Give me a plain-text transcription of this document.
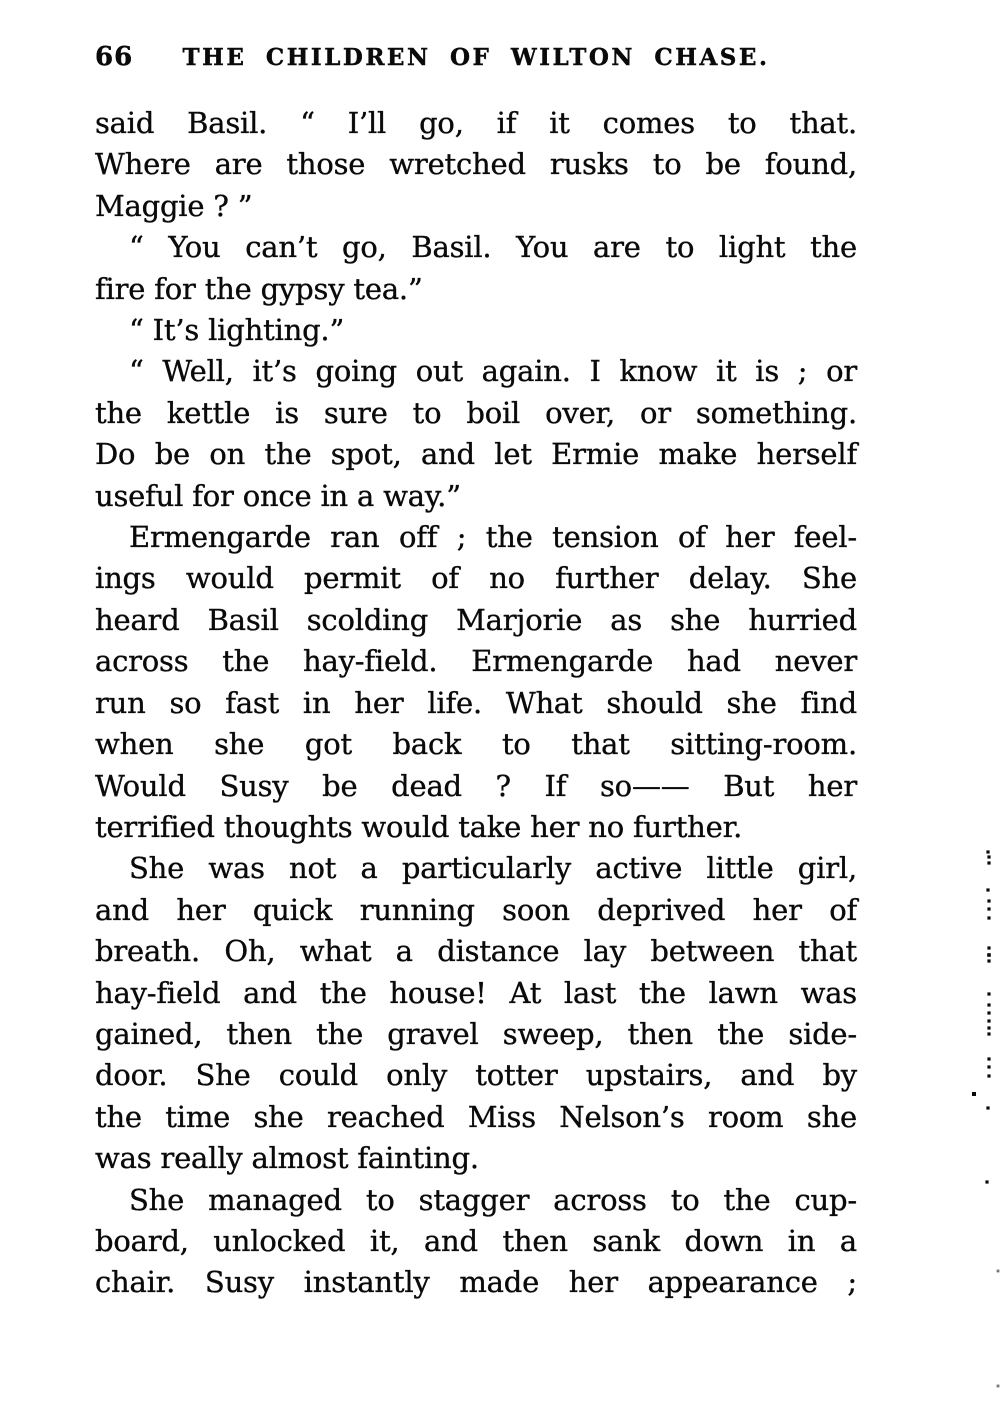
66	THE CHILDREN OF WILTON CHASE.
said Basil. “ I’ll go, if it comes to that.
Where are those wretched rusks to be found,
Maggie ? ”
“ You can’t go, Basil. You are to light the
fire for the gypsy tea.”
“ It’s lighting.”
“ Well, it’s going out again. I know it is ; or
the kettle is sure to boil over, or something.
Do be on the spot, and let Ermie make herself
useful for once in a way.”
Ermengarde ran off ; the tension of her feel-
ings would permit of no further delay. She
heard Basil scolding Marjorie as she hurried
across the hay-field. Ermengarde had never
run so fast in her life. What should she find
when she got back to that sitting-room.
Would Susy be dead ? If so—— But her
terrified thoughts would take her no further.
She was not a particularly active little girl,
and her quick running soon deprived her of
breath. Oh, what a distance lay between that
hay-field and the house! At last the lawn was
gained, then the gravel sweep, then the side-
door. She could only totter upstairs, and by
the time she reached Miss Nelson’s room she
was really almost fainting.
She managed to stagger across to the cup-
board, unlocked it, and then sank down in a
chair. Susy instantly made her appearance ;
